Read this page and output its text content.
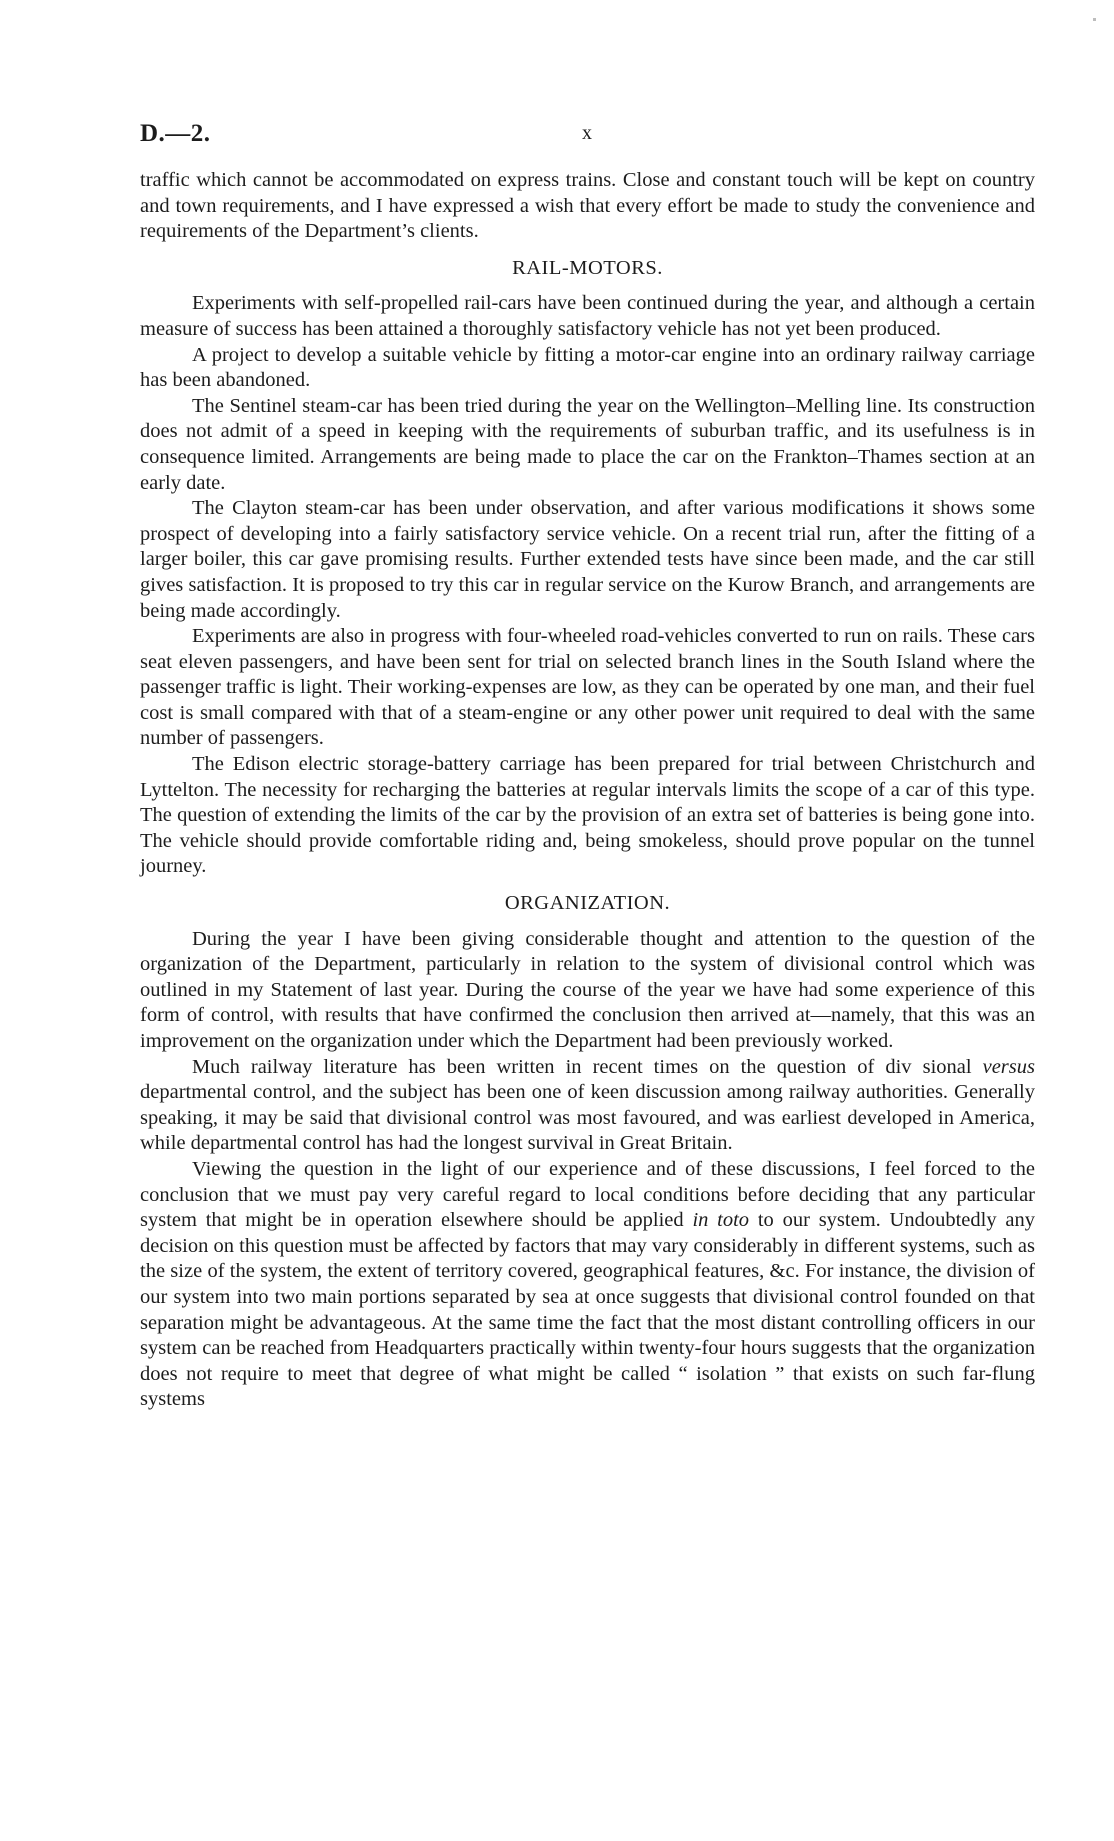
D.—2.	x

traffic which cannot be accommodated on express trains. Close and constant touch will be kept on country and town requirements, and I have expressed a wish that every effort be made to study the convenience and requirements of the Department’s clients.

RAIL-MOTORS.

Experiments with self-propelled rail-cars have been continued during the year, and although a certain measure of success has been attained a thoroughly satisfactory vehicle has not yet been produced.

A project to develop a suitable vehicle by fitting a motor-car engine into an ordinary railway carriage has been abandoned.

The Sentinel steam-car has been tried during the year on the Wellington–Melling line. Its construction does not admit of a speed in keeping with the requirements of suburban traffic, and its usefulness is in consequence limited. Arrangements are being made to place the car on the Frankton–Thames section at an early date.

The Clayton steam-car has been under observation, and after various modifications it shows some prospect of developing into a fairly satisfactory service vehicle. On a recent trial run, after the fitting of a larger boiler, this car gave promising results. Further extended tests have since been made, and the car still gives satisfaction. It is proposed to try this car in regular service on the Kurow Branch, and arrangements are being made accordingly.

Experiments are also in progress with four-wheeled road-vehicles converted to run on rails. These cars seat eleven passengers, and have been sent for trial on selected branch lines in the South Island where the passenger traffic is light. Their working-expenses are low, as they can be operated by one man, and their fuel cost is small compared with that of a steam-engine or any other power unit required to deal with the same number of passengers.

The Edison electric storage-battery carriage has been prepared for trial between Christchurch and Lyttelton. The necessity for recharging the batteries at regular intervals limits the scope of a car of this type. The question of extending the limits of the car by the provision of an extra set of batteries is being gone into. The vehicle should provide comfortable riding and, being smokeless, should prove popular on the tunnel journey.

ORGANIZATION.

During the year I have been giving considerable thought and attention to the question of the organization of the Department, particularly in relation to the system of divisional control which was outlined in my Statement of last year. During the course of the year we have had some experience of this form of control, with results that have confirmed the conclusion then arrived at—namely, that this was an improvement on the organization under which the Department had been previously worked.

Much railway literature has been written in recent times on the question of div sional versus departmental control, and the subject has been one of keen discussion among railway authorities. Generally speaking, it may be said that divisional control was most favoured, and was earliest developed in America, while departmental control has had the longest survival in Great Britain.

Viewing the question in the light of our experience and of these discussions, I feel forced to the conclusion that we must pay very careful regard to local conditions before deciding that any particular system that might be in operation elsewhere should be applied in toto to our system. Undoubtedly any decision on this question must be affected by factors that may vary considerably in different systems, such as the size of the system, the extent of territory covered, geographical features, &c. For instance, the division of our system into two main portions separated by sea at once suggests that divisional control founded on that separation might be advantageous. At the same time the fact that the most distant controlling officers in our system can be reached from Headquarters practically within twenty-four hours suggests that the organization does not require to meet that degree of what might be called “ isolation ” that exists on such far-flung systems
